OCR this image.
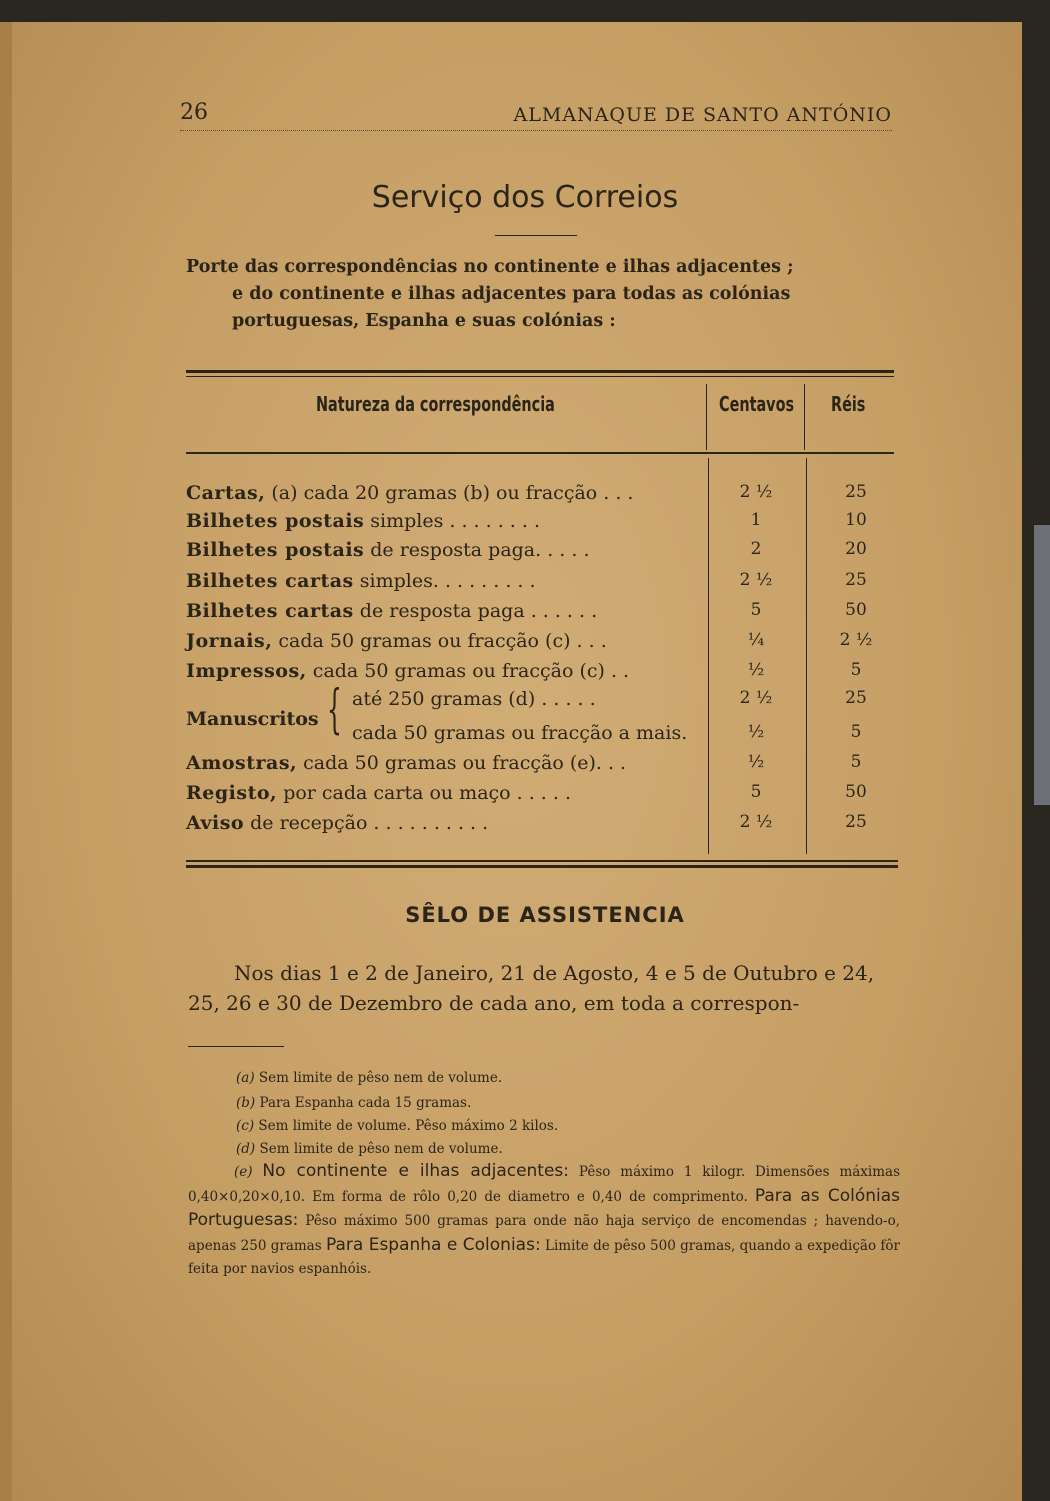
26	ALMANAQUE DE SANTO ANTÓNIO
Serviço dos Correios
Porte das correspondências no continente e ilhas adjacentes ;
e do continente e ilhas adjacentes para todas as colónias
portuguesas, Espanha e suas colónias :
Natureza da correspondência	Centavos Réis
Cartas, (a) cada 20 gramas (b) ou fracção . . .	2 ½	25
Bilhetes postais simples . . . . . . . .	1	10
Bilhetes postais de resposta paga. . . . .	2	20
Bilhetes cartas simples. . . . . . . . .	2 ½	25
Bilhetes cartas de resposta paga . . . . . .	5	50
Jornais, cada 50 gramas ou fracção (c) . . .	¼	2 ½
Impressos, cada 50 gramas ou fracção (c) . .	½	5
Manuscritos { até 250 gramas (d) . . . . .	2 ½	25
cada 50 gramas ou fracção a mais.	½	5
Amostras, cada 50 gramas ou fracção (e). . .	½	5
Registo, por cada carta ou maço . . . . .	5	50
Aviso de recepção . . . . . . . . . .	2 ½	25
SÊLO DE ASSISTENCIA
Nos dias 1 e 2 de Janeiro, 21 de Agosto, 4 e 5 de Outubro e 24, 25, 26 e 30 de Dezembro de cada ano, em toda a correspon-
(a) Sem limite de pêso nem de volume.
(b) Para Espanha cada 15 gramas.
(c) Sem limite de volume. Pêso máximo 2 kilos.
(d) Sem limite de pêso nem de volume.
(e) No continente e ilhas adjacentes: Pêso máximo 1 kilogr. Dimensões máximas 0,40×0,20×0,10. Em forma de rôlo 0,20 de diametro e 0,40 de comprimento. Para as Colónias Portuguesas: Pêso máximo 500 gramas para onde não haja serviço de encomendas ; havendo-o, apenas 250 gramas Para Espanha e Colonias: Limite de pêso 500 gramas, quando a expedição fôr feita por navios espanhóis.
